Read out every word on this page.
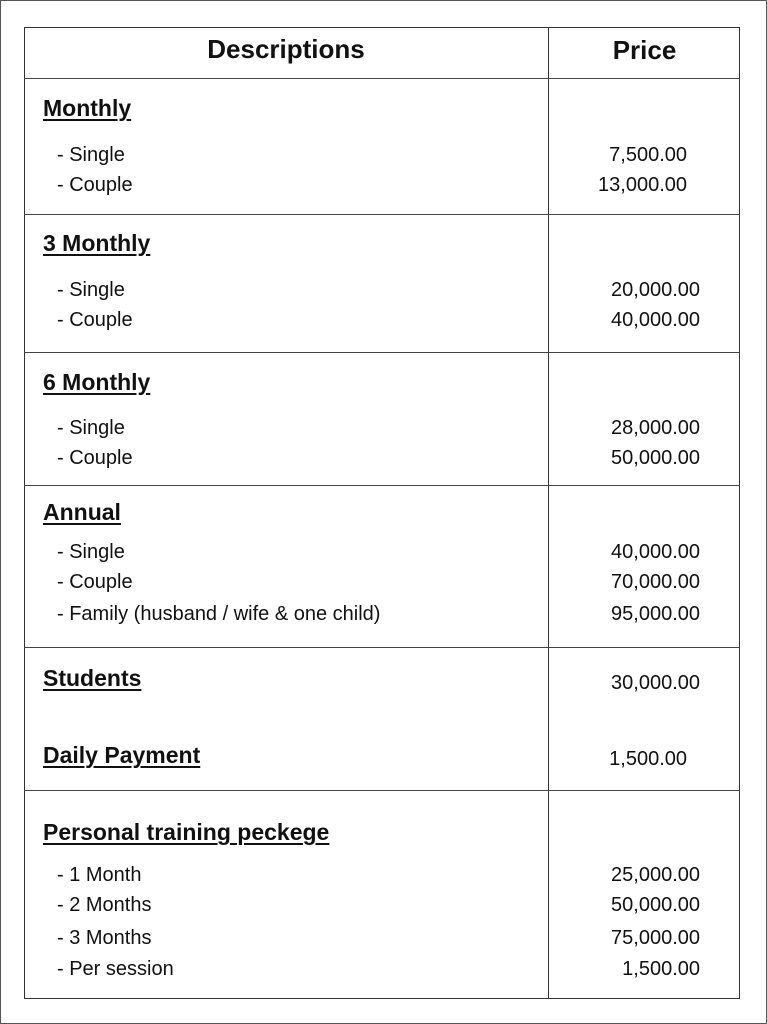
Descriptions	Price
Monthly
- Single	7,500.00
- Couple	13,000.00
3 Monthly
- Single	20,000.00
- Couple	40,000.00
6 Monthly
- Single	28,000.00
- Couple	50,000.00
Annual
- Single	40,000.00
- Couple	70,000.00
- Family (husband / wife & one child)	95,000.00
Students	30,000.00
Daily Payment	1,500.00
Personal training peckege
- 1 Month	25,000.00
- 2 Months	50,000.00
- 3 Months	75,000.00
- Per session	1,500.00
